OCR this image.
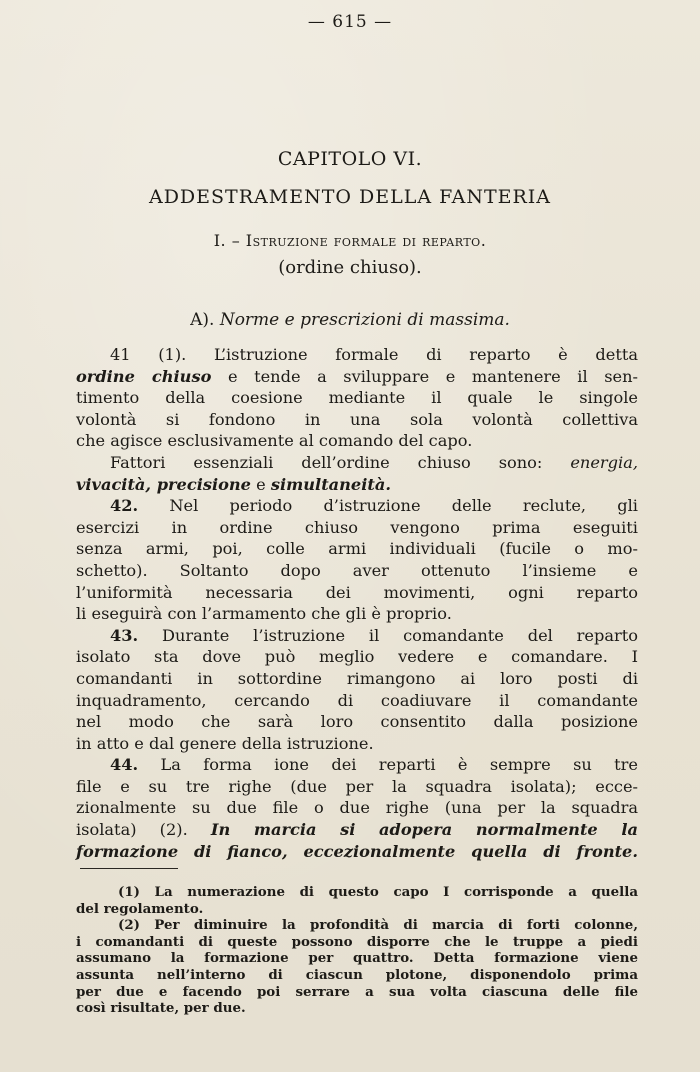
— 615 —
CAPITOLO VI.
ADDESTRAMENTO DELLA FANTERIA
I. – Istruzione formale di reparto.
(ordine chiuso).
A). Norme e prescrizioni di massima.
41 (1). L’istruzione formale di reparto è detta
ordine chiuso e tende a sviluppare e mantenere il sen-
timento della coesione mediante il quale le singole
volontà si fondono in una sola volontà collettiva
che agisce esclusivamente al comando del capo.
Fattori essenziali dell’ordine chiuso sono: energia,
vivacità, precisione e simultaneità.
42. Nel periodo d’istruzione delle reclute, gli
esercizi in ordine chiuso vengono prima eseguiti
senza armi, poi, colle armi individuali (fucile o mo-
schetto). Soltanto dopo aver ottenuto l’insieme e
l’uniformità necessaria dei movimenti, ogni reparto
li eseguirà con l’armamento che gli è proprio.
43. Durante l’istruzione il comandante del reparto
isolato sta dove può meglio vedere e comandare. I
comandanti in sottordine rimangono ai loro posti di
inquadramento, cercando di coadiuvare il comandante
nel modo che sarà loro consentito dalla posizione
in atto e dal genere della istruzione.
44. La forma ione dei reparti è sempre su tre
file e su tre righe (due per la squadra isolata); ecce-
zionalmente su due file o due righe (una per la squadra
isolata) (2). In marcia si adopera normalmente la
formazione di fianco, eccezionalmente quella di fronte.
(1) La numerazione di questo capo I corrisponde a quella
del regolamento.
(2) Per diminuire la profondità di marcia di forti colonne,
i comandanti di queste possono disporre che le truppe a piedi
assumano la formazione per quattro. Detta formazione viene
assunta nell’interno di ciascun plotone, disponendolo prima
per due e facendo poi serrare a sua volta ciascuna delle file
così risultate, per due.
